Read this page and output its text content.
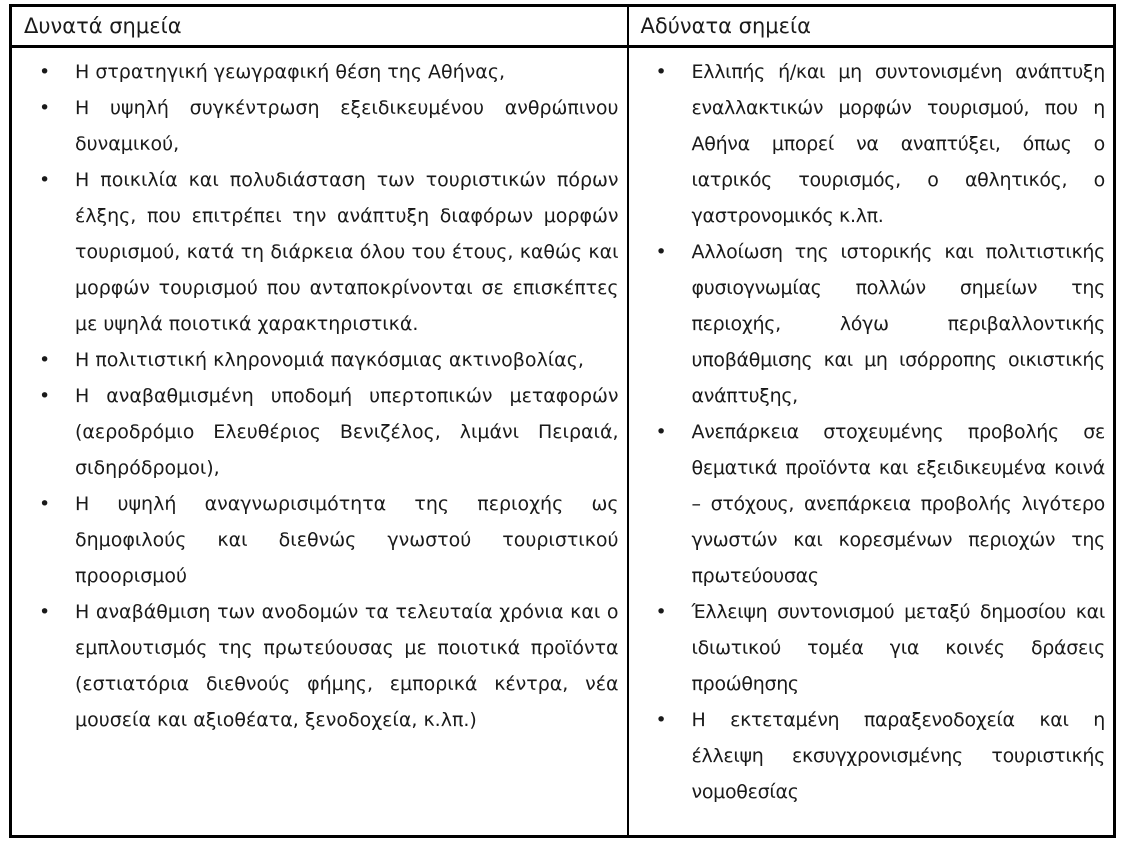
Δυνατά σημεία	Αδύνατα σημεία
• Η στρατηγική γεωγραφική θέση της Αθήνας,
• Η υψηλή συγκέντρωση εξειδικευμένου ανθρώπινου δυναμικού,
• Η ποικιλία και πολυδιάσταση των τουριστικών πόρων έλξης, που επιτρέπει την ανάπτυξη διαφόρων μορφών τουρισμού, κατά τη διάρκεια όλου του έτους, καθώς και μορφών τουρισμού που ανταποκρίνονται σε επισκέπτες με υψηλά ποιοτικά χαρακτηριστικά.
• Η πολιτιστική κληρονομιά παγκόσμιας ακτινοβολίας,
• Η αναβαθμισμένη υποδομή υπερτοπικών μεταφορών (αεροδρόμιο Ελευθέριος Βενιζέλος, λιμάνι Πειραιά, σιδηρόδρομοι),
• Η υψηλή αναγνωρισιμότητα της περιοχής ως δημοφιλούς και διεθνώς γνωστού τουριστικού προορισμού
• Η αναβάθμιση των ανοδομών τα τελευταία χρόνια και ο εμπλουτισμός της πρωτεύουσας με ποιοτικά προϊόντα (εστιατόρια διεθνούς φήμης, εμπορικά κέντρα, νέα μουσεία και αξιοθέατα, ξενοδοχεία, κ.λπ.)
• Ελλιπής ή/και μη συντονισμένη ανάπτυξη εναλλακτικών μορφών τουρισμού, που η Αθήνα μπορεί να αναπτύξει, όπως ο ιατρικός τουρισμός, ο αθλητικός, ο γαστρονομικός κ.λπ.
• Αλλοίωση της ιστορικής και πολιτιστικής φυσιογνωμίας πολλών σημείων της περιοχής, λόγω περιβαλλοντικής υποβάθμισης και μη ισόρροπης οικιστικής ανάπτυξης,
• Ανεπάρκεια στοχευμένης προβολής σε θεματικά προϊόντα και εξειδικευμένα κοινά – στόχους, ανεπάρκεια προβολής λιγότερο γνωστών και κορεσμένων περιοχών της πρωτεύουσας
• Έλλειψη συντονισμού μεταξύ δημοσίου και ιδιωτικού τομέα για κοινές δράσεις προώθησης
• Η εκτεταμένη παραξενοδοχεία και η έλλειψη εκσυγχρονισμένης τουριστικής νομοθεσίας
